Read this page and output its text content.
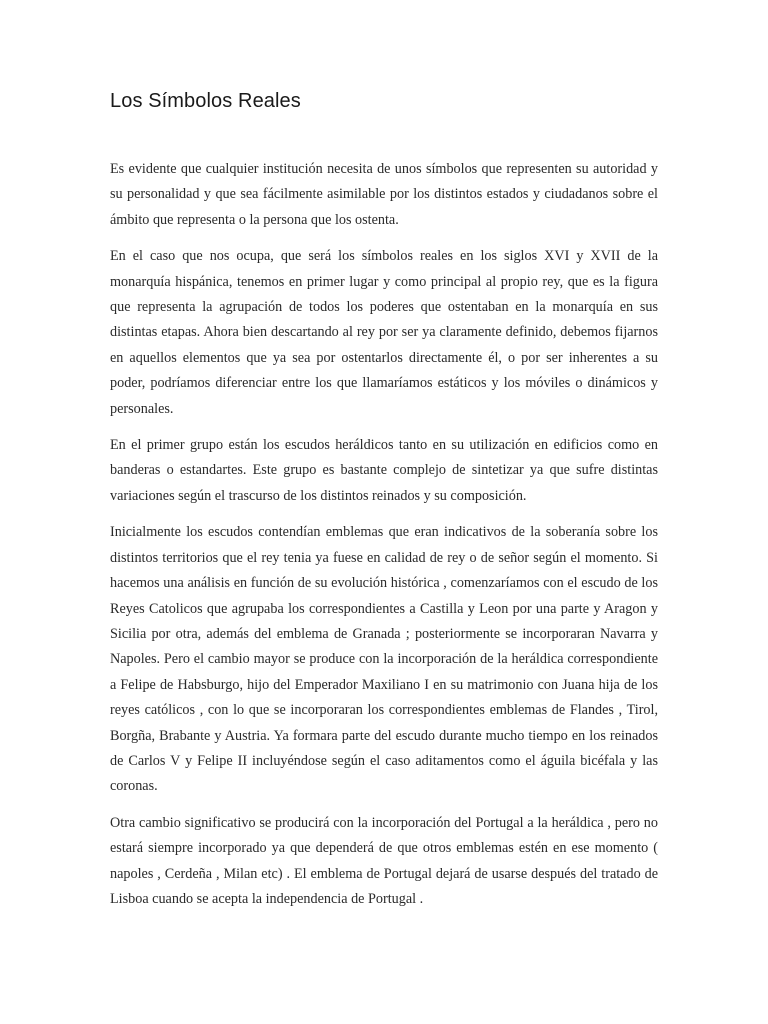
Los Símbolos Reales

Es evidente que cualquier institución necesita de unos símbolos que representen su autoridad y su personalidad y que sea fácilmente asimilable por los distintos estados y ciudadanos sobre el ámbito que representa o la persona que los ostenta.

En el caso que nos ocupa, que será los símbolos reales en los siglos XVI y XVII de la monarquía hispánica, tenemos en primer lugar y como principal al propio rey, que es la figura que representa la agrupación de todos los poderes que ostentaban en la monarquía en sus distintas etapas. Ahora bien descartando al rey por ser ya claramente definido, debemos fijarnos en aquellos elementos que ya sea por ostentarlos directamente él, o por ser inherentes a su poder, podríamos diferenciar entre los que llamaríamos estáticos y los móviles o dinámicos y personales.

En el primer grupo están los escudos heráldicos tanto en su utilización en edificios como en banderas o estandartes. Este grupo es bastante complejo de sintetizar ya que sufre distintas variaciones según el trascurso de los distintos reinados y su composición.

Inicialmente los escudos contendían emblemas que eran indicativos de la soberanía sobre los distintos territorios que el rey tenia ya fuese en calidad de rey o de señor según el momento. Si hacemos una análisis en función de su evolución histórica , comenzaríamos con el escudo de los Reyes Catolicos que agrupaba los correspondientes a Castilla y Leon por una parte y Aragon y Sicilia por otra, además del emblema de Granada ; posteriormente se incorporaran Navarra y Napoles. Pero el cambio mayor se produce con la incorporación de la heráldica correspondiente a Felipe de Habsburgo, hijo del Emperador Maxiliano I en su matrimonio con Juana hija de los reyes católicos , con lo que se incorporaran los correspondientes emblemas de Flandes , Tirol, Borgña, Brabante y Austria. Ya formara parte del escudo durante mucho tiempo en los reinados de Carlos V y Felipe II incluyéndose según el caso aditamentos como el águila bicéfala y las coronas.

Otra cambio significativo se producirá con la incorporación del Portugal a la heráldica , pero no estará siempre incorporado ya que dependerá de que otros emblemas estén en ese momento ( napoles , Cerdeña , Milan etc) . El emblema de Portugal dejará de usarse después del tratado de Lisboa cuando se acepta la independencia de Portugal .
